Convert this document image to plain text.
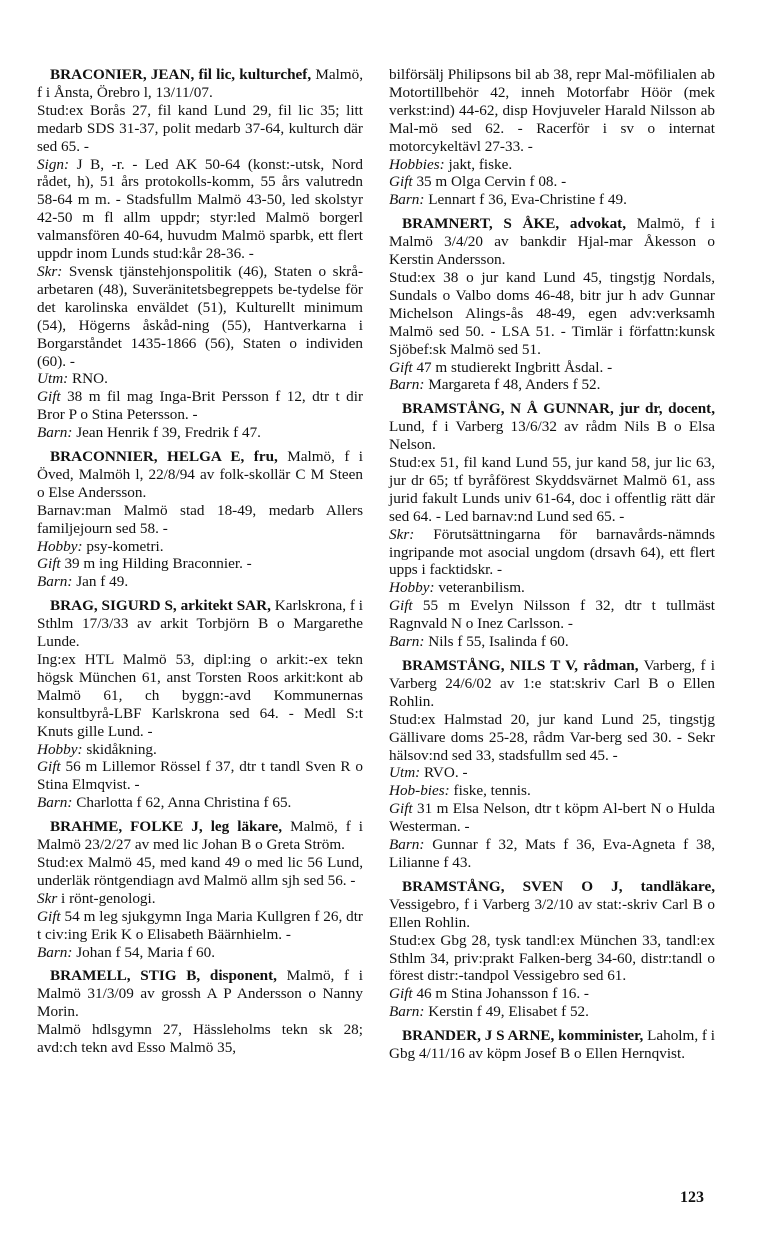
BRACONIER, JEAN, fil lic, kulturchef, Malmö, f i Ånsta, Örebro l, 13/11/07.

Stud:ex Borås 27, fil kand Lund 29, fil lic 35; litt medarb SDS 31-37, polit medarb 37-64, kulturch där sed 65. -

Sign: J B, -r. - Led AK 50-64 (konst:-utsk, Nord rådet, h), 51 års protokolls-komm, 55 års valutredn 58-64 m m. - Stadsfullm Malmö 43-50, led skolstyr 42-50 m fl allm uppdr; styr:led Malmö borgerl valmansfören 40-64, huvudm Malmö sparbk, ett flert uppdr inom Lunds stud:kår 28-36. -

Skr: Svensk tjänstehjonspolitik (46), Staten o skrå-arbetaren (48), Suveränitetsbegreppets be-tydelse för det karolinska enväldet (51), Kulturellt minimum (54), Högerns åskåd-ning (55), Hantverkarna i Borgarståndet 1435-1866 (56), Staten o individen (60). -

Utm: RNO.

Gift 38 m fil mag Inga-Brit Persson f 12, dtr t dir Bror P o Stina Petersson. -

Barn: Jean Henrik f 39, Fredrik f 47.

BRACONNIER, HELGA E, fru, Malmö, f i Öved, Malmöh l, 22/8/94 av folk-skollär C M Steen o Else Andersson.

Barnav:man Malmö stad 18-49, medarb Allers familjejourn sed 58. -

Hobby: psy-kometri.

Gift 39 m ing Hilding Braconnier. -

Barn: Jan f 49.

BRAG, SIGURD S, arkitekt SAR, Karlskrona, f i Sthlm 17/3/33 av arkit Torbjörn B o Margarethe Lunde.

Ing:ex HTL Malmö 53, dipl:ing o arkit:-ex tekn högsk München 61, anst Torsten Roos arkit:kont ab Malmö 61, ch byggn:-avd Kommunernas konsultbyrå-LBF Karlskrona sed 64. - Medl S:t Knuts gille Lund. -

Hobby: skidåkning.

Gift 56 m Lillemor Rössel f 37, dtr t tandl Sven R o Stina Elmqvist. -

Barn: Charlotta f 62, Anna Christina f 65.

BRAHME, FOLKE J, leg läkare, Malmö, f i Malmö 23/2/27 av med lic Johan B o Greta Ström.

Stud:ex Malmö 45, med kand 49 o med lic 56 Lund, underläk röntgendiagn avd Malmö allm sjh sed 56. -

Skr i rönt-genologi.

Gift 54 m leg sjukgymn Inga Maria Kullgren f 26, dtr t civ:ing Erik K o Elisabeth Bäärnhielm. -

Barn: Johan f 54, Maria f 60.

BRAMELL, STIG B, disponent, Malmö, f i Malmö 31/3/09 av grossh A P Andersson o Nanny Morin.

Malmö hdlsgymn 27, Hässleholms tekn sk 28; avd:ch tekn avd Esso Malmö 35,

bilförsälj Philipsons bil ab 38, repr Mal-möfilialen ab Motortillbehör 42, inneh Motorfabr Höör (mek verkst:ind) 44-62, disp Hovjuveler Harald Nilsson ab Mal-mö sed 62. - Racerför i sv o internat motorcykeltävl 27-33. -

Hobbies: jakt, fiske.

Gift 35 m Olga Cervin f 08. -

Barn: Lennart f 36, Eva-Christine f 49.

BRAMNERT, S ÅKE, advokat, Malmö, f i Malmö 3/4/20 av bankdir Hjal-mar Åkesson o Kerstin Andersson.

Stud:ex 38 o jur kand Lund 45, tingstjg Nordals, Sundals o Valbo doms 46-48, bitr jur h adv Gunnar Michelson Alings-ås 48-49, egen adv:verksamh Malmö sed 50. - LSA 51. - Timlär i författn:kunsk Sjöbef:sk Malmö sed 51.

Gift 47 m studierekt Ingbritt Åsdal. -

Barn: Margareta f 48, Anders f 52.

BRAMSTÅNG, N Å GUNNAR, jur dr, docent, Lund, f i Varberg 13/6/32 av rådm Nils B o Elsa Nelson.

Stud:ex 51, fil kand Lund 55, jur kand 58, jur lic 63, jur dr 65; tf byråförest Skyddsvärnet Malmö 61, ass jurid fakult Lunds univ 61-64, doc i offentlig rätt där sed 64. - Led barnav:nd Lund sed 65. -

Skr: Förutsättningarna för barnavårds-nämnds ingripande mot asocial ungdom (drsavh 64), ett flert upps i facktidskr. -

Hobby: veteranbilism.

Gift 55 m Evelyn Nilsson f 32, dtr t tullmäst Ragnvald N o Inez Carlsson. -

Barn: Nils f 55, Isalinda f 60.

BRAMSTÅNG, NILS T V, rådman, Varberg, f i Varberg 24/6/02 av 1:e stat:skriv Carl B o Ellen Rohlin.

Stud:ex Halmstad 20, jur kand Lund 25, tingstjg Gällivare doms 25-28, rådm Var-berg sed 30. - Sekr hälsov:nd sed 33, stadsfullm sed 45. -

Utm: RVO. -

Hob-bies: fiske, tennis.

Gift 31 m Elsa Nelson, dtr t köpm Al-bert N o Hulda Westerman. -

Barn: Gunnar f 32, Mats f 36, Eva-Agneta f 38, Lilianne f 43.

BRAMSTÅNG, SVEN O J, tandläkare, Vessigebro, f i Varberg 3/2/10 av stat:-skriv Carl B o Ellen Rohlin.

Stud:ex Gbg 28, tysk tandl:ex München 33, tandl:ex Sthlm 34, priv:prakt Falken-berg 34-60, distr:tandl o förest distr:-tandpol Vessigebro sed 61.

Gift 46 m Stina Johansson f 16. -

Barn: Kerstin f 49, Elisabet f 52.

BRANDER, J S ARNE, komminister, Laholm, f i Gbg 4/11/16 av köpm Josef B o Ellen Hernqvist.

123
